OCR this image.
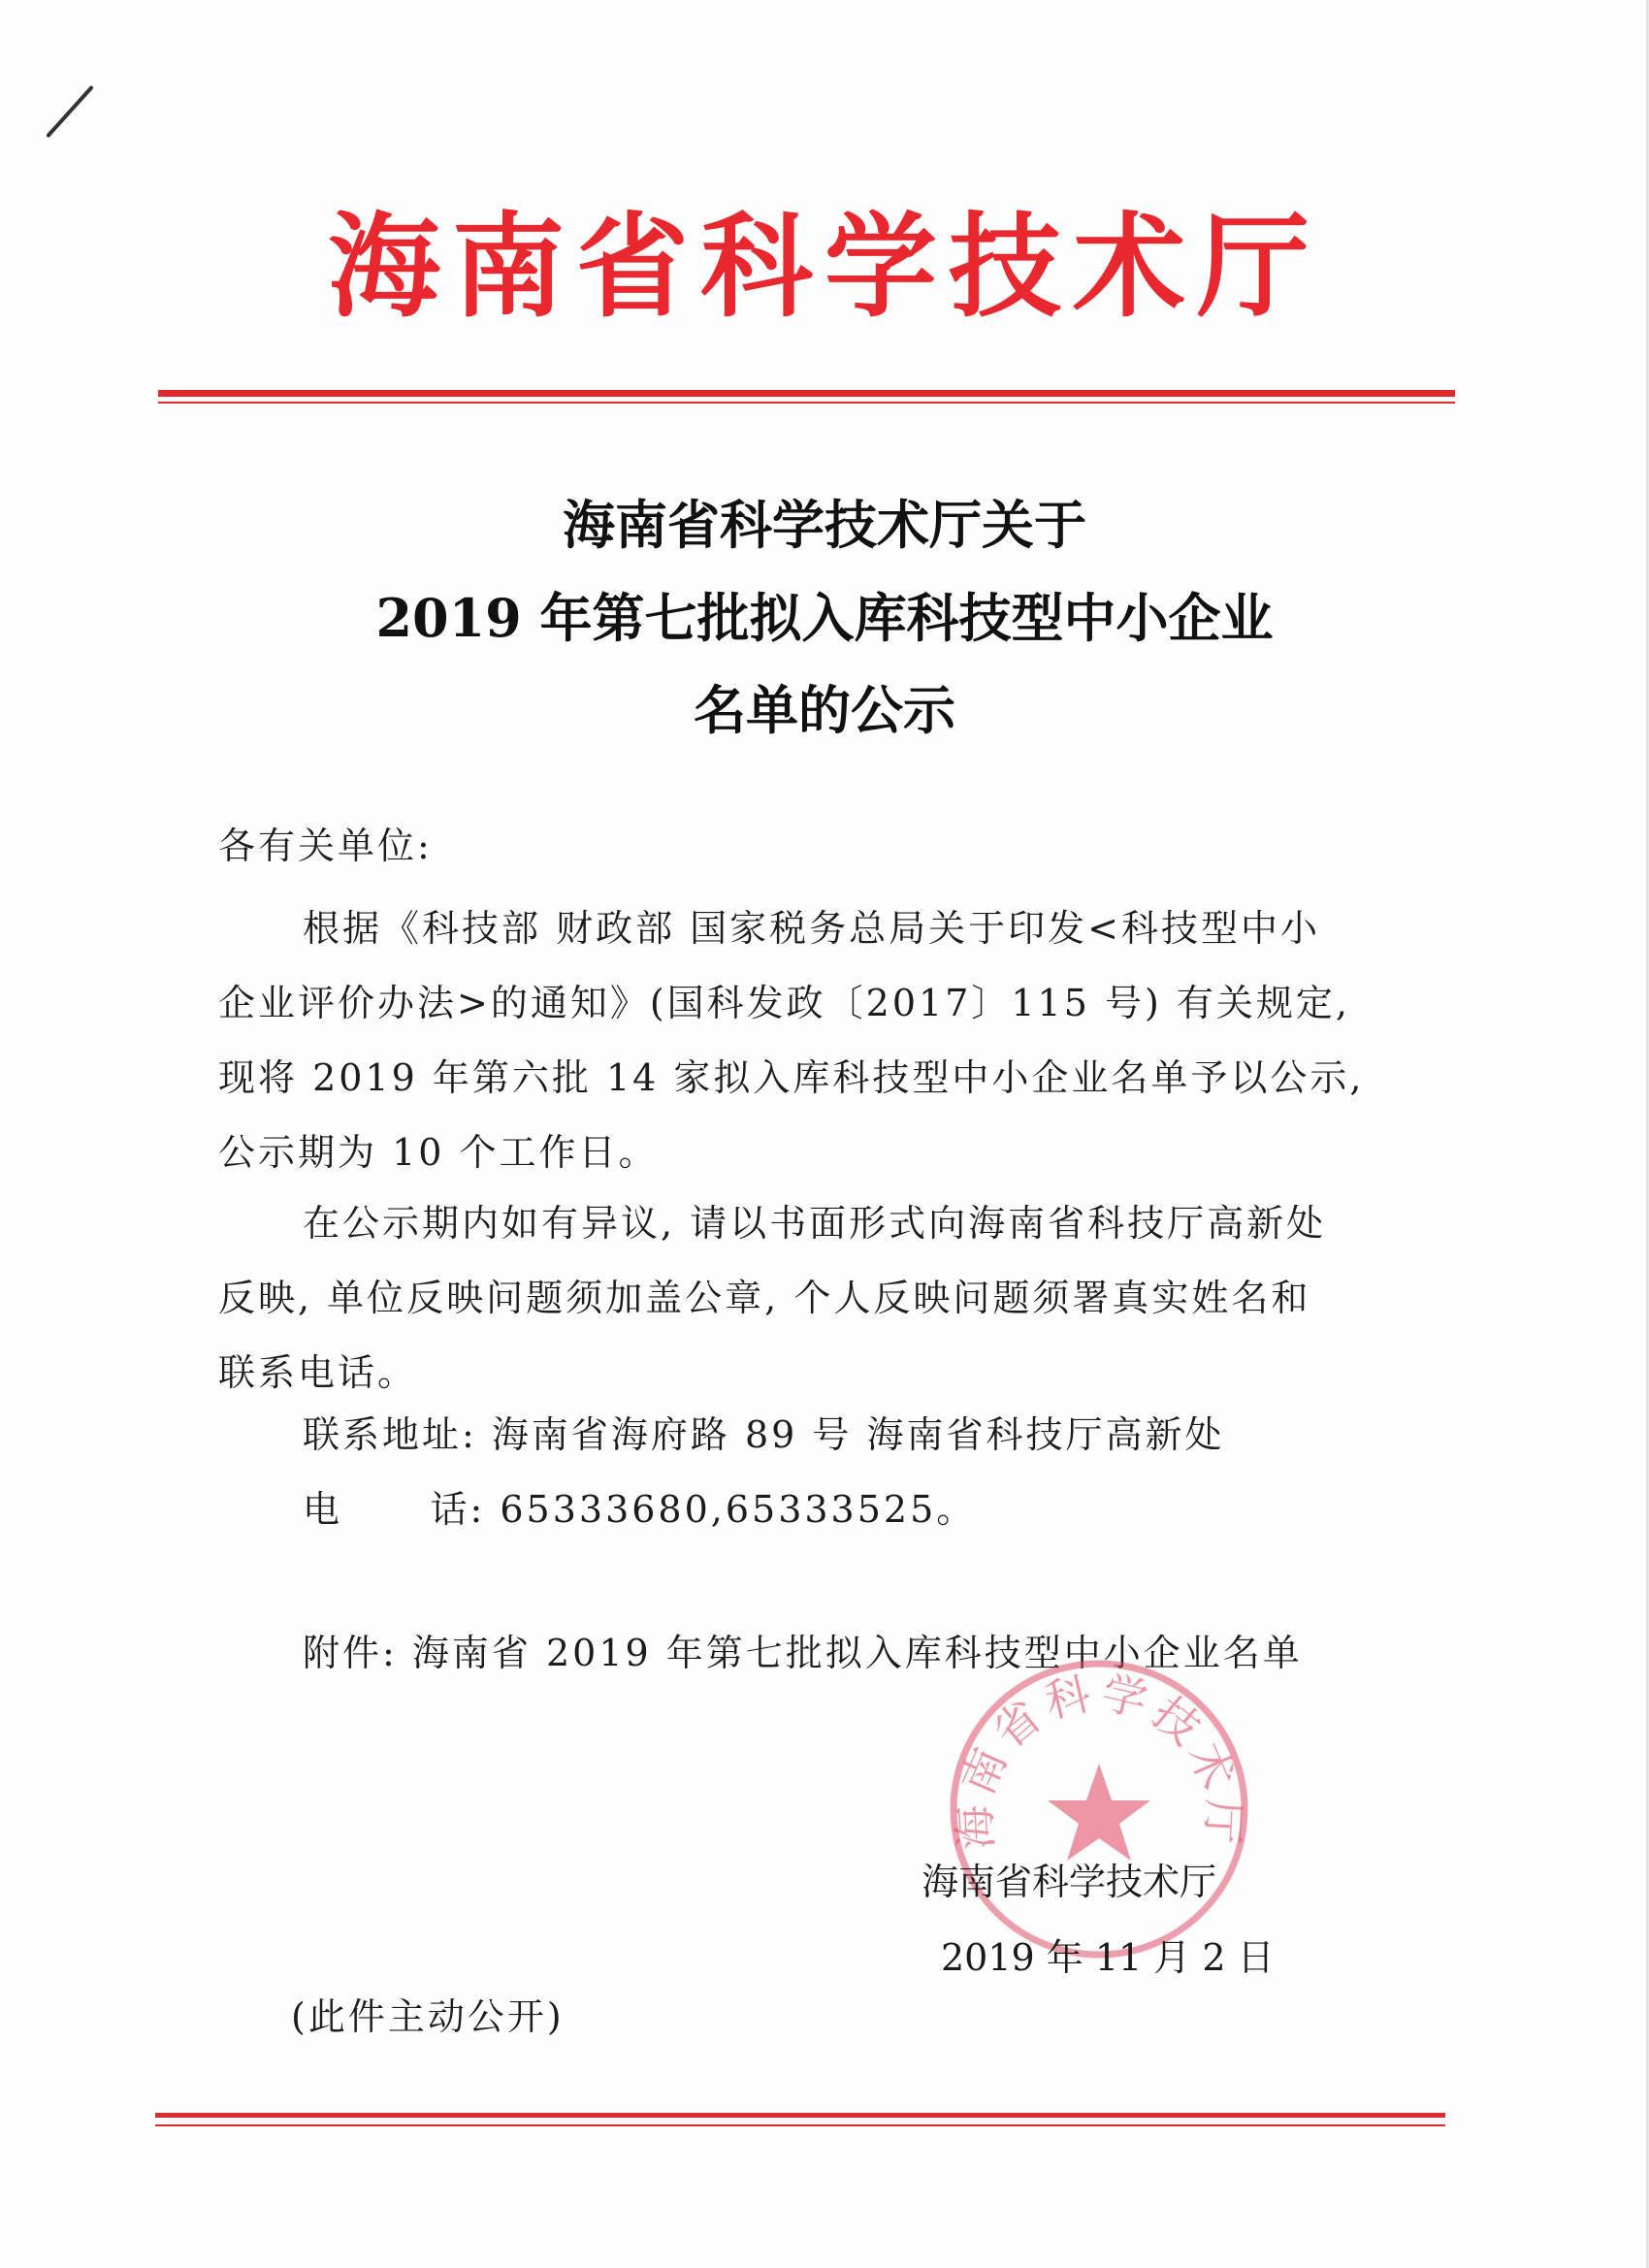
海南省科学技术厅
海南省科学技术厅关于
2019 年第七批拟入库科技型中小企业
名单的公示
各有关单位:
根据《科技部 财政部 国家税务总局关于印发<科技型中小
企业评价办法>的通知》(国科发政〔2017〕115 号) 有关规定,
现将 2019 年第六批 14 家拟入库科技型中小企业名单予以公示,
公示期为 10 个工作日。
在公示期内如有异议, 请以书面形式向海南省科技厅高新处
反映, 单位反映问题须加盖公章, 个人反映问题须署真实姓名和
联系电话。
联系地址: 海南省海府路 89 号 海南省科技厅高新处
电      话: 65333680,65333525。
附件: 海南省 2019 年第七批拟入库科技型中小企业名单
海南省科学技术厅
海南省科学技术厅
2019 年 11 月 2 日
(此件主动公开)
